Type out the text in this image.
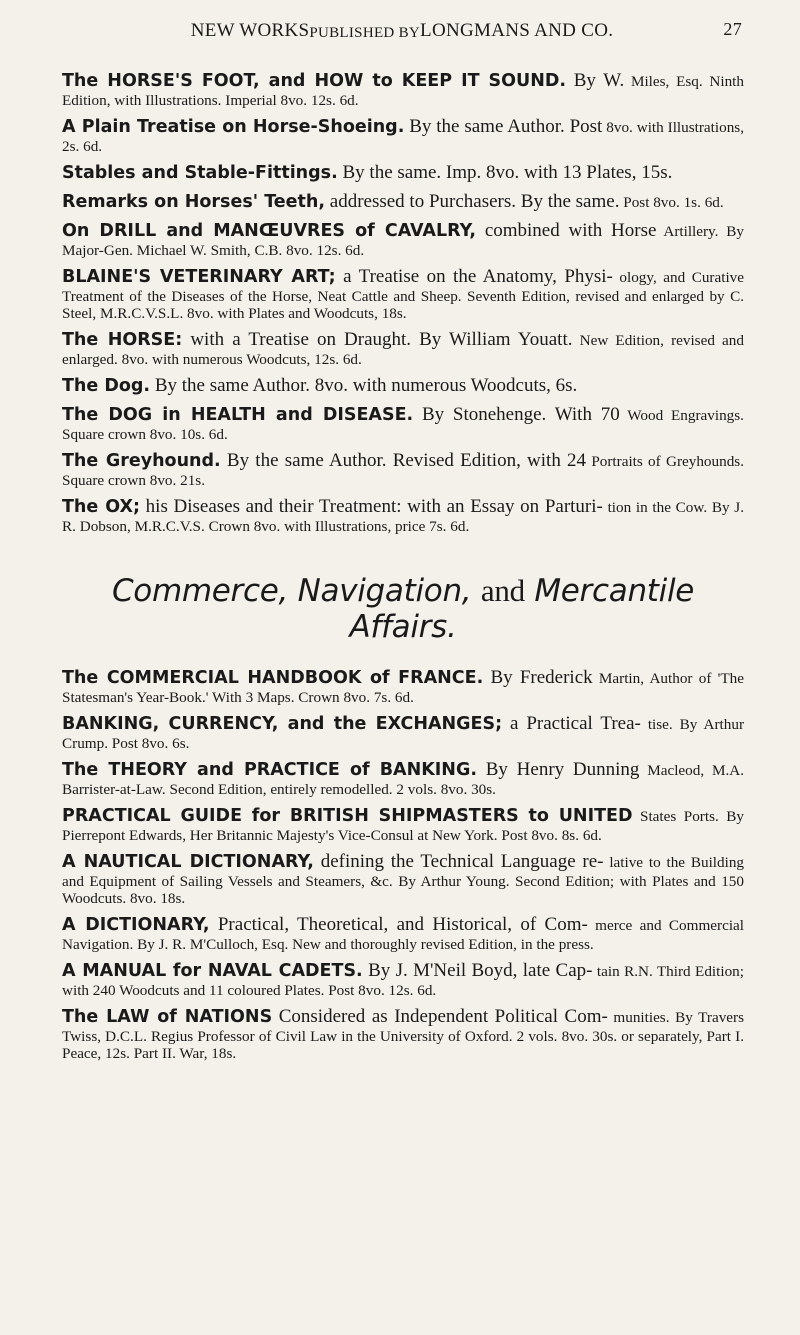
NEW WORKS PUBLISHED BY LONGMANS AND CO.	27

The HORSE'S FOOT, and HOW to KEEP IT SOUND. By W. Miles, Esq. Ninth Edition, with Illustrations. Imperial 8vo. 12s. 6d.

A Plain Treatise on Horse-Shoeing. By the same Author. Post 8vo. with Illustrations, 2s. 6d.

Stables and Stable-Fittings. By the same. Imp. 8vo. with 13 Plates, 15s.

Remarks on Horses' Teeth, addressed to Purchasers. By the same. Post 8vo. 1s. 6d.

On DRILL and MANŒUVRES of CAVALRY, combined with Horse Artillery. By Major-Gen. Michael W. Smith, C.B. 8vo. 12s. 6d.

BLAINE'S VETERINARY ART; a Treatise on the Anatomy, Physi- ology, and Curative Treatment of the Diseases of the Horse, Neat Cattle and Sheep. Seventh Edition, revised and enlarged by C. Steel, M.R.C.V.S.L. 8vo. with Plates and Woodcuts, 18s.

The HORSE: with a Treatise on Draught. By William Youatt. New Edition, revised and enlarged. 8vo. with numerous Woodcuts, 12s. 6d.

The Dog. By the same Author. 8vo. with numerous Woodcuts, 6s.

The DOG in HEALTH and DISEASE. By Stonehenge. With 70 Wood Engravings. Square crown 8vo. 10s. 6d.

The Greyhound. By the same Author. Revised Edition, with 24 Portraits of Greyhounds. Square crown 8vo. 21s.

The OX; his Diseases and their Treatment: with an Essay on Parturi- tion in the Cow. By J. R. Dobson, M.R.C.V.S. Crown 8vo. with Illustrations, price 7s. 6d.

Commerce, Navigation, and Mercantile Affairs.

The COMMERCIAL HANDBOOK of FRANCE. By Frederick Martin, Author of 'The Statesman's Year-Book.' With 3 Maps. Crown 8vo. 7s. 6d.

BANKING, CURRENCY, and the EXCHANGES; a Practical Trea- tise. By Arthur Crump. Post 8vo. 6s.

The THEORY and PRACTICE of BANKING. By Henry Dunning Macleod, M.A. Barrister-at-Law. Second Edition, entirely remodelled. 2 vols. 8vo. 30s.

PRACTICAL GUIDE for BRITISH SHIPMASTERS to UNITED States Ports. By Pierrepont Edwards, Her Britannic Majesty's Vice-Consul at New York. Post 8vo. 8s. 6d.

A NAUTICAL DICTIONARY, defining the Technical Language re- lative to the Building and Equipment of Sailing Vessels and Steamers, &c. By Arthur Young. Second Edition; with Plates and 150 Woodcuts. 8vo. 18s.

A DICTIONARY, Practical, Theoretical, and Historical, of Com- merce and Commercial Navigation. By J. R. M'Culloch, Esq. New and thoroughly revised Edition, in the press.

A MANUAL for NAVAL CADETS. By J. M'Neil Boyd, late Cap- tain R.N. Third Edition; with 240 Woodcuts and 11 coloured Plates. Post 8vo. 12s. 6d.

The LAW of NATIONS Considered as Independent Political Com- munities. By Travers Twiss, D.C.L. Regius Professor of Civil Law in the University of Oxford. 2 vols. 8vo. 30s. or separately, Part I. Peace, 12s. Part II. War, 18s.
